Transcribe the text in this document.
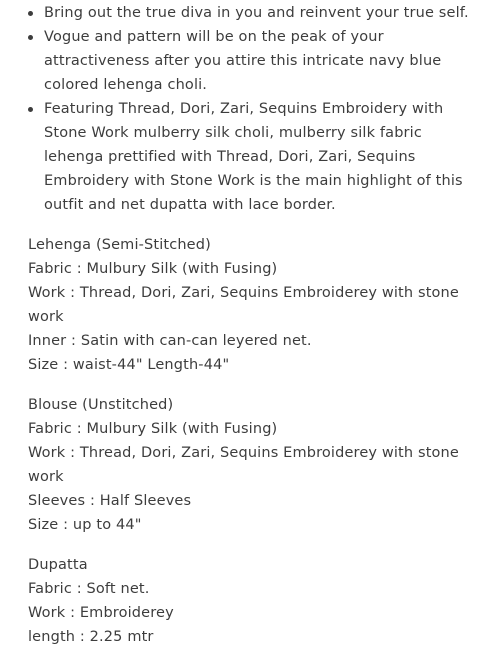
Bring out the true diva in you and reinvent your true self.
Vogue and pattern will be on the peak of your attractiveness after you attire this intricate navy blue colored lehenga choli.
Featuring Thread, Dori, Zari, Sequins Embroidery with Stone Work mulberry silk choli, mulberry silk fabric lehenga prettified with Thread, Dori, Zari, Sequins Embroidery with Stone Work is the main highlight of this outfit and net dupatta with lace border.

Lehenga (Semi-Stitched)

Fabric : Mulbury Silk (with Fusing)

Work : Thread, Dori, Zari, Sequins Embroiderey with stone work

Inner : Satin with can-can leyered net.

Size : waist-44" Length-44"

Blouse (Unstitched)

Fabric : Mulbury Silk (with Fusing)

Work : Thread, Dori, Zari, Sequins Embroiderey with stone work

Sleeves : Half Sleeves

Size : up to 44"

Dupatta

Fabric : Soft net.

Work : Embroiderey

length : 2.25 mtr
